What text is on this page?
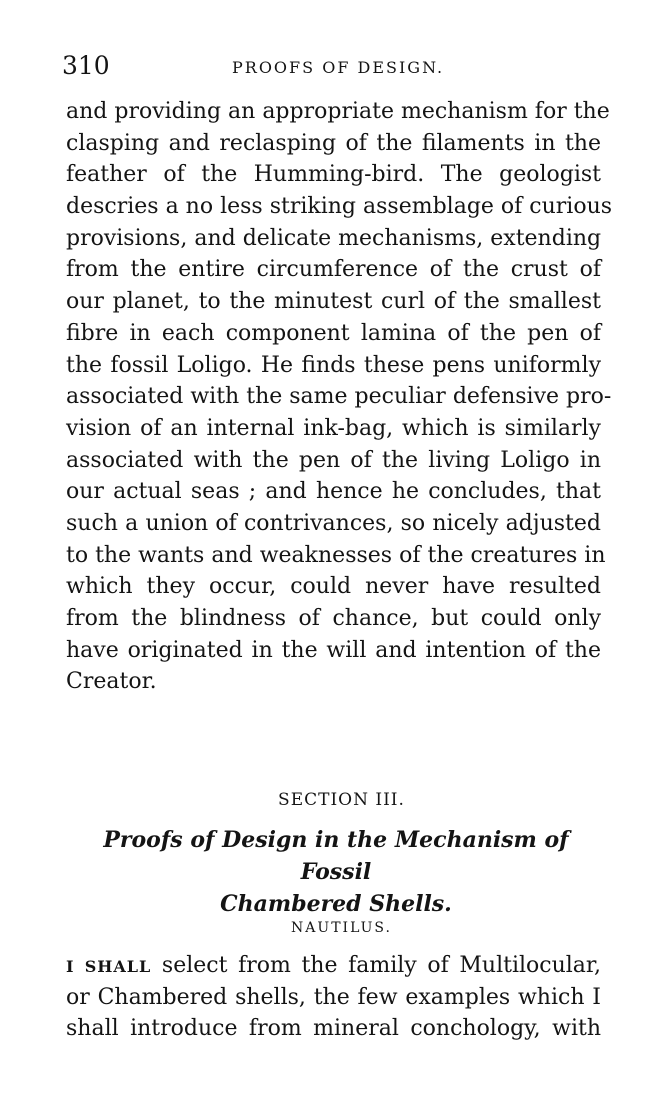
310	PROOFS OF DESIGN.
and providing an appropriate mechanism for the
clasping and reclasping of the filaments in the
feather of the Humming-bird. The geologist
descries a no less striking assemblage of curious
provisions, and delicate mechanisms, extending
from the entire circumference of the crust of
our planet, to the minutest curl of the smallest
fibre in each component lamina of the pen of
the fossil Loligo. He finds these pens uniformly
associated with the same peculiar defensive pro-
vision of an internal ink-bag, which is similarly
associated with the pen of the living Loligo in
our actual seas ; and hence he concludes, that
such a union of contrivances, so nicely adjusted
to the wants and weaknesses of the creatures in
which they occur, could never have resulted
from the blindness of chance, but could only
have originated in the will and intention of the
Creator.
SECTION III.
Proofs of Design in the Mechanism of Fossil
Chambered Shells.
NAUTILUS.
I SHALL select from the family of Multilocular,
or Chambered shells, the few examples which I
shall introduce from mineral conchology, with
